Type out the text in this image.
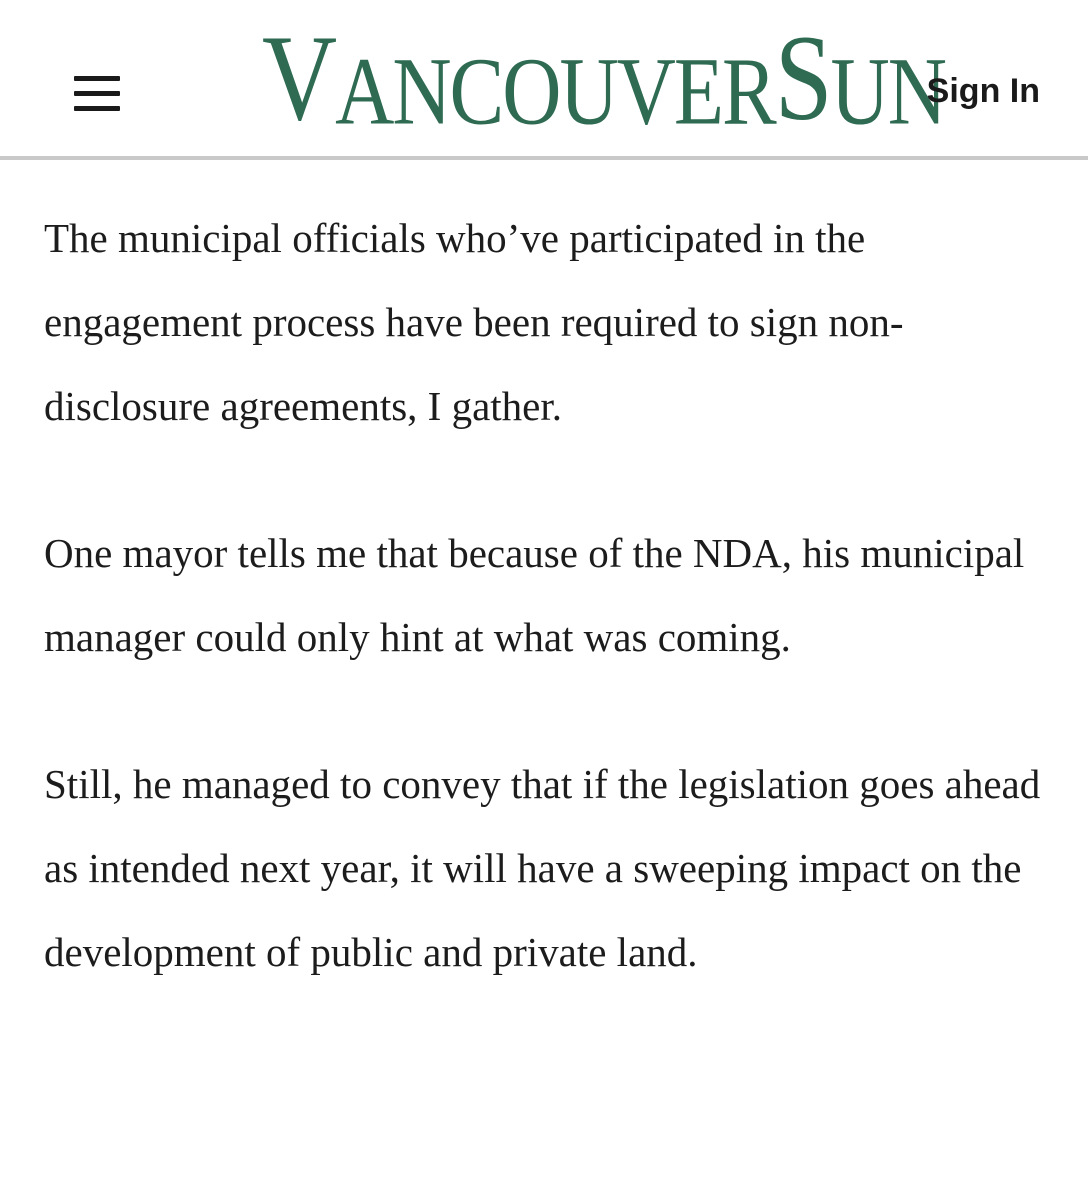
V ANCOUVER S UN
Sign In

The municipal officials who’ve participated in the engagement process have been required to sign non-disclosure agreements, I gather.

One mayor tells me that because of the NDA, his municipal manager could only hint at what was coming.

Still, he managed to convey that if the legislation goes ahead as intended next year, it will have a sweeping impact on the development of public and private land.
